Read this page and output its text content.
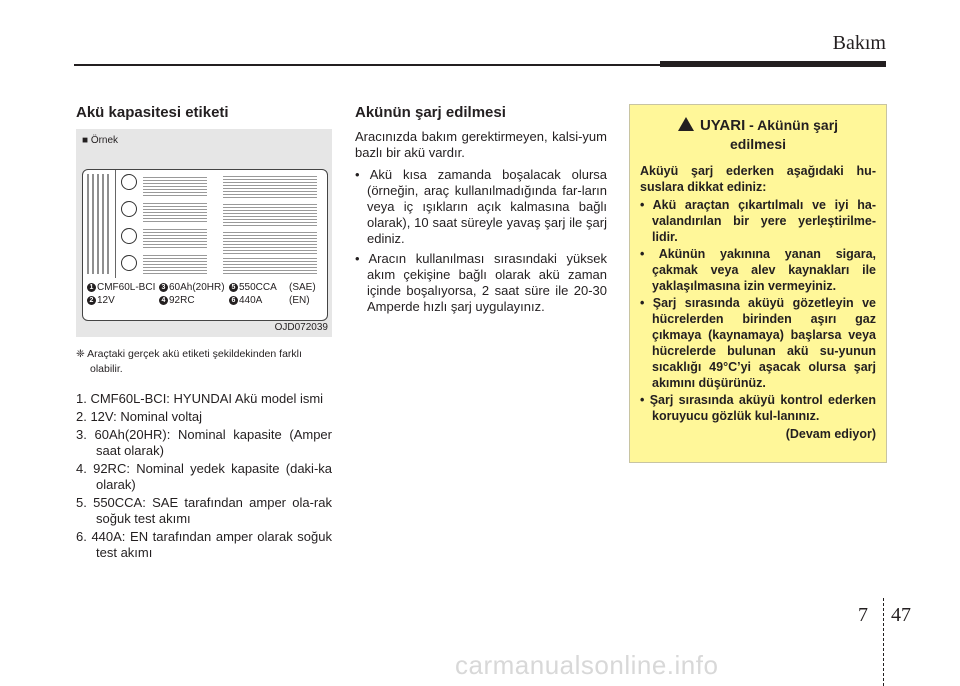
Bakım
Akü kapasitesi etiketi
■ Örnek
1 CMF60L-BCI 3 60Ah(20HR) 5 550CCA (SAE)
2 12V	4 92RC	6 440A	(EN)
OJD072039

❈ Araçtaki gerçek akü etiketi şekildekinden farklı olabilir.

1. CMF60L-BCI: HYUNDAI Akü model ismi
2. 12V: Nominal voltaj
3. 60Ah(20HR): Nominal kapasite (Amper saat olarak)
4. 92RC: Nominal yedek kapasite (daki-ka olarak)
5. 550CCA: SAE tarafından amper ola-rak soğuk test akımı
6. 440A: EN tarafından amper olarak soğuk test akımı
Akünün şarj edilmesi

Aracınızda bakım gerektirmeyen, kalsi-yum bazlı bir akü vardır.

• Akü kısa zamanda boşalacak olursa (örneğin, araç kullanılmadığında far-ların veya iç ışıkların açık kalmasına bağlı olarak), 10 saat süreyle yavaş şarj ile şarj ediniz.
• Aracın kullanılması sırasındaki yüksek akım çekişine bağlı olarak akü zaman içinde boşalıyorsa, 2 saat süre ile 20-30 Amperde hızlı şarj uygulayınız.
UYARI - Akünün şarj
edilmesi

Aküyü şarj ederken aşağıdaki hu-suslara dikkat ediniz:

• Akü araçtan çıkartılmalı ve iyi ha-valandırılan bir yere yerleştirilme-lidir.
• Akünün yakınına yanan sigara, çakmak veya alev kaynakları ile yaklaşılmasına izin vermeyiniz.
• Şarj sırasında aküyü gözetleyin ve hücrelerden birinden aşırı gaz çıkmaya (kaynamaya) başlarsa veya hücrelerde bulunan akü su-yunun sıcaklığı 49°C’yi aşacak olursa şarj akımını düşürünüz.
• Şarj sırasında aküyü kontrol ederken koruyucu gözlük kul-lanınız.
(Devam ediyor)
7 47
carmanualsonline.info
